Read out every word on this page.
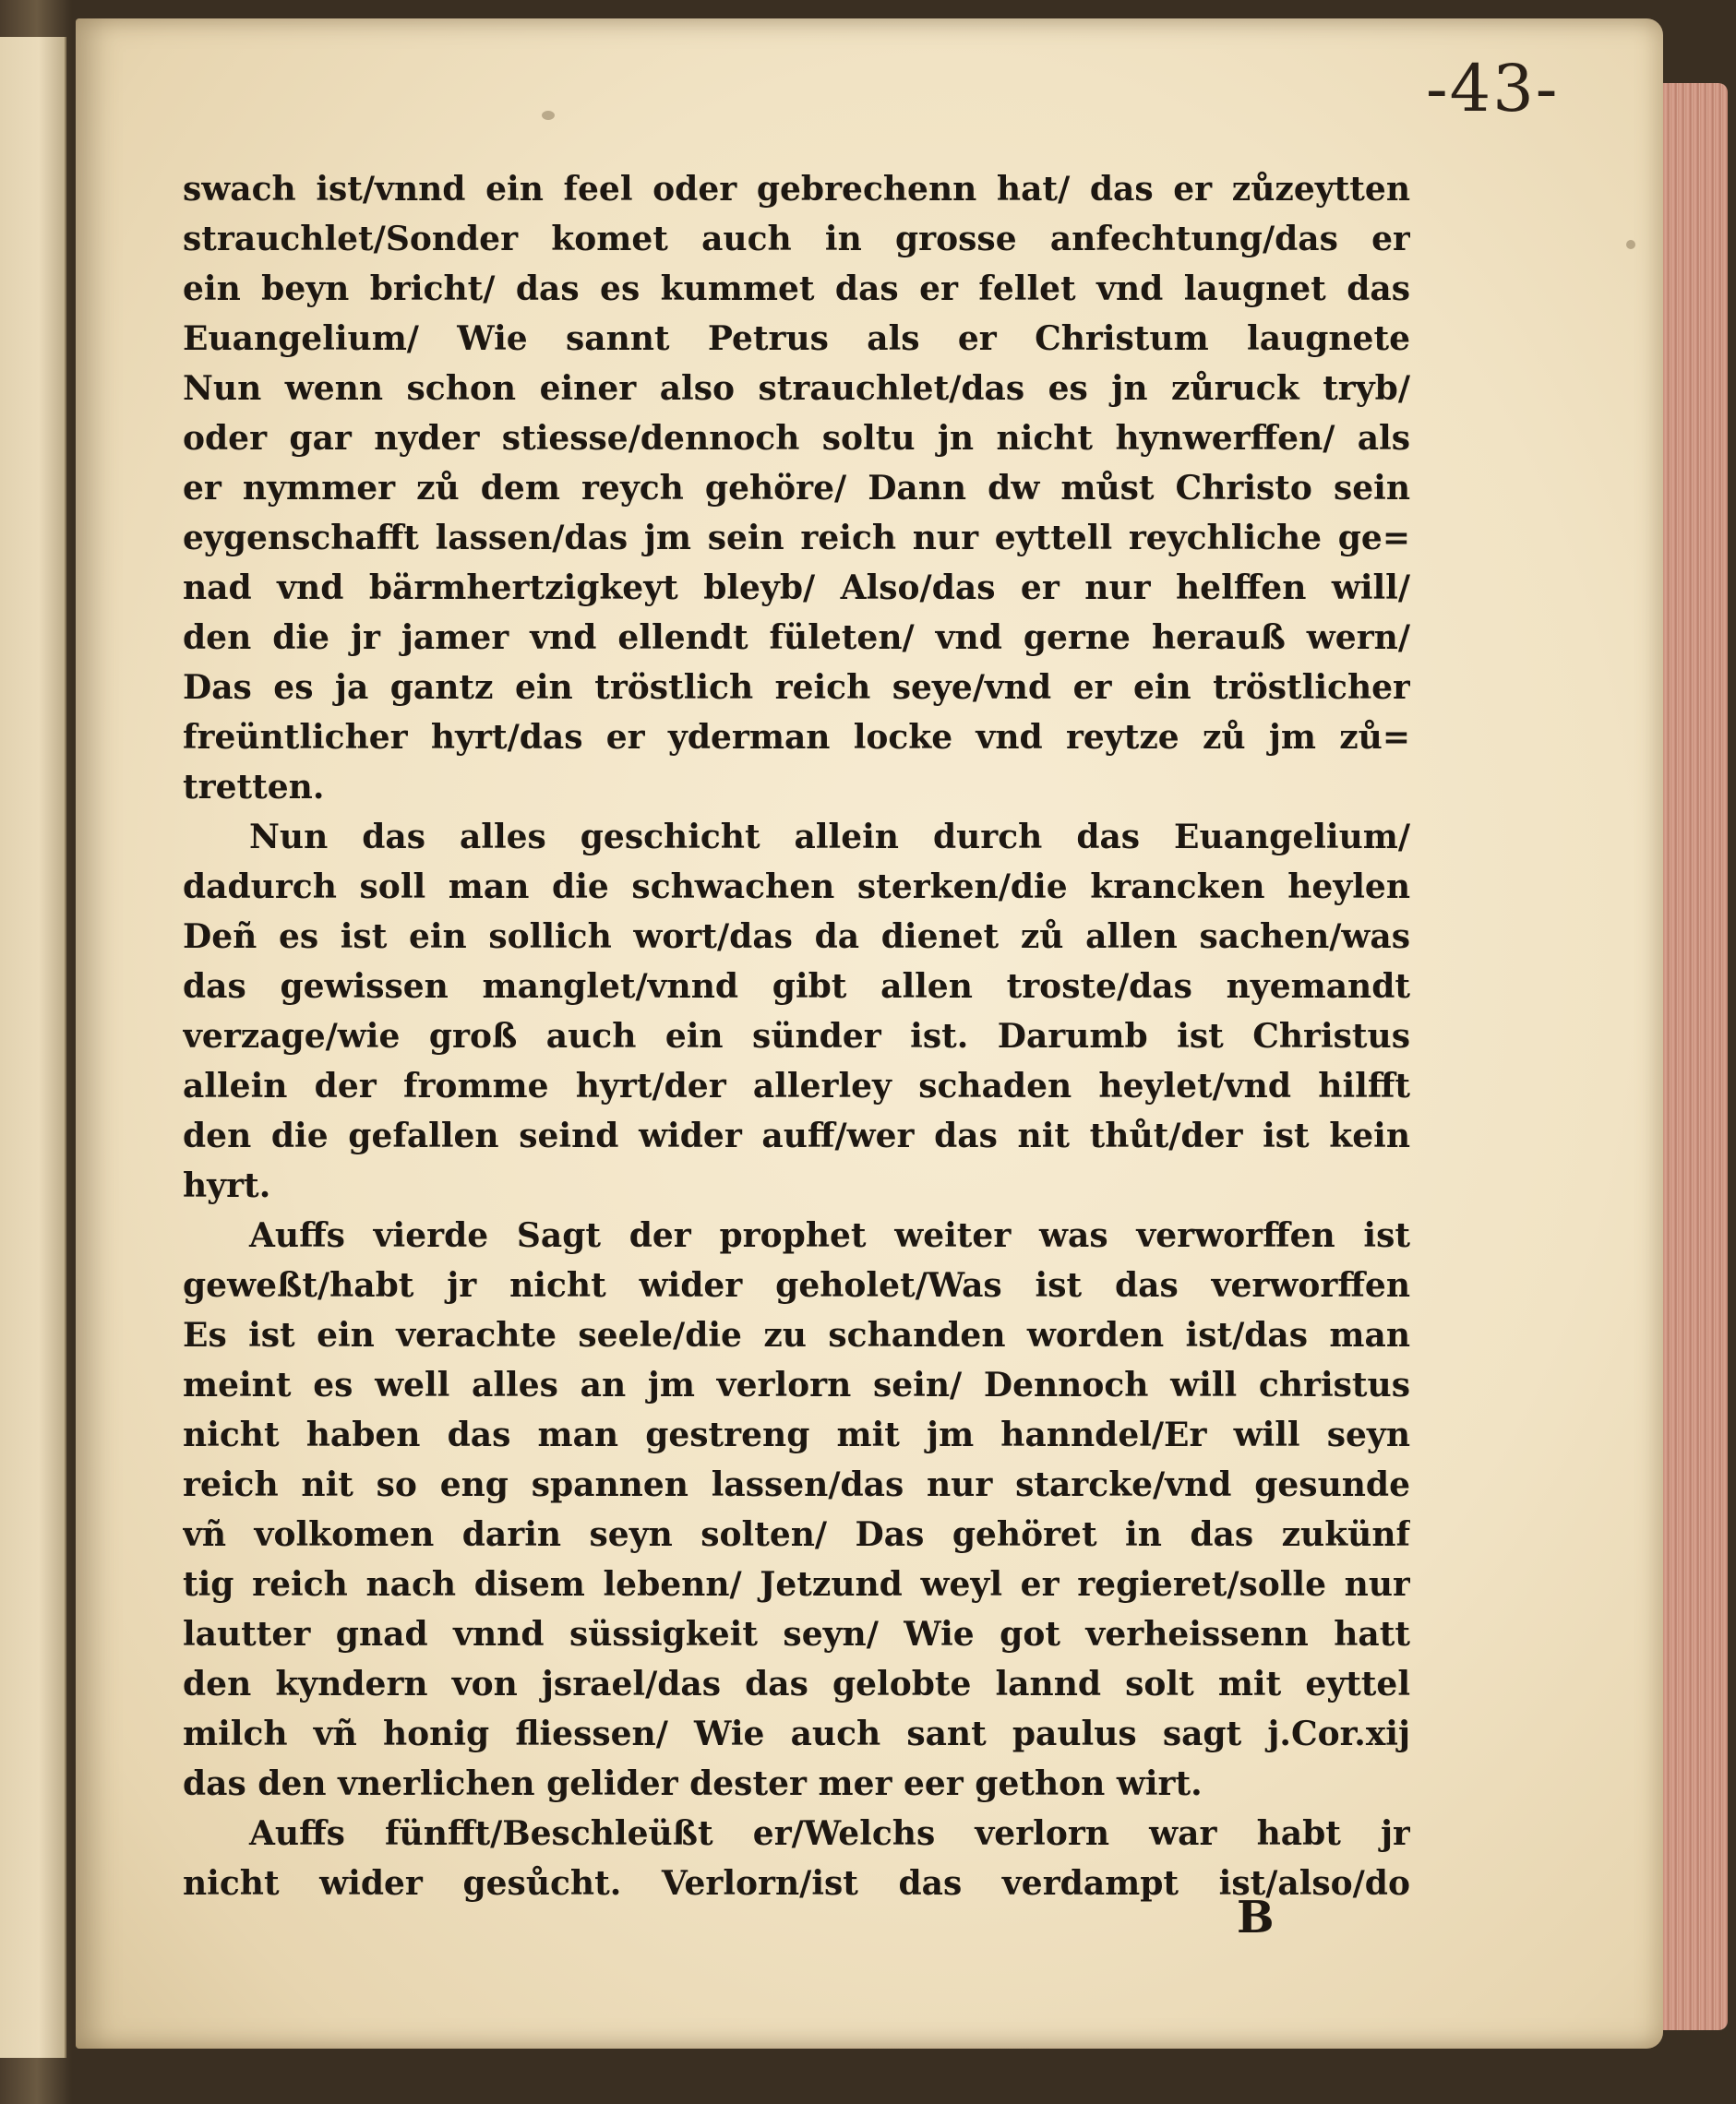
-43-
swach ist/vnnd ein feel oder gebrechenn hat/ das er zůzeytten
strauchlet/Sonder komet auch in grosse anfechtung/das er
ein beyn bricht/ das es kummet das er fellet vnd laugnet das
Euangelium/ Wie sannt Petrus als er Christum laugnete
Nun wenn schon einer also strauchlet/das es jn zůruck tryb/
oder gar nyder stiesse/dennoch soltu jn nicht hynwerffen/ als
er nymmer zů dem reych gehöre/ Dann dw můst Christo sein
eygenschafft lassen/das jm sein reich nur eyttell reychliche ge=
nad vnd bärmhertzigkeyt bleyb/ Also/das er nur helffen will/
den die jr jamer vnd ellendt fületen/ vnd gerne herauß wern/
Das es ja gantz ein tröstlich reich seye/vnd er ein tröstlicher
freüntlicher hyrt/das er yderman locke vnd reytze zů jm zů=
tretten.
Nun das alles geschicht allein durch das Euangelium/
dadurch soll man die schwachen sterken/die krancken heylen
Deñ es ist ein sollich wort/das da dienet zů allen sachen/was
das gewissen manglet/vnnd gibt allen troste/das nyemandt
verzage/wie groß auch ein sünder ist. Darumb ist Christus
allein der fromme hyrt/der allerley schaden heylet/vnd hilfft
den die gefallen seind wider auff/wer das nit thůt/der ist kein
hyrt.
Auffs vierde Sagt der prophet weiter was verworffen ist
geweßt/habt jr nicht wider geholet/Was ist das verworffen
Es ist ein verachte seele/die zu schanden worden ist/das man
meint es well alles an jm verlorn sein/ Dennoch will christus
nicht haben das man gestreng mit jm hanndel/Er will seyn
reich nit so eng spannen lassen/das nur starcke/vnd gesunde
vñ volkomen darin seyn solten/ Das gehöret in das zukünf
tig reich nach disem lebenn/ Jetzund weyl er regieret/solle nur
lautter gnad vnnd süssigkeit seyn/ Wie got verheissenn hatt
den kyndern von jsrael/das das gelobte lannd solt mit eyttel
milch vñ honig fliessen/ Wie auch sant paulus sagt j.Cor.xij
das den vnerlichen gelider dester mer eer gethon wirt.
Auffs fünfft/Beschleüßt er/Welchs verlorn war habt jr
nicht wider gesůcht. Verlorn/ist das verdampt ist/also/do
B
